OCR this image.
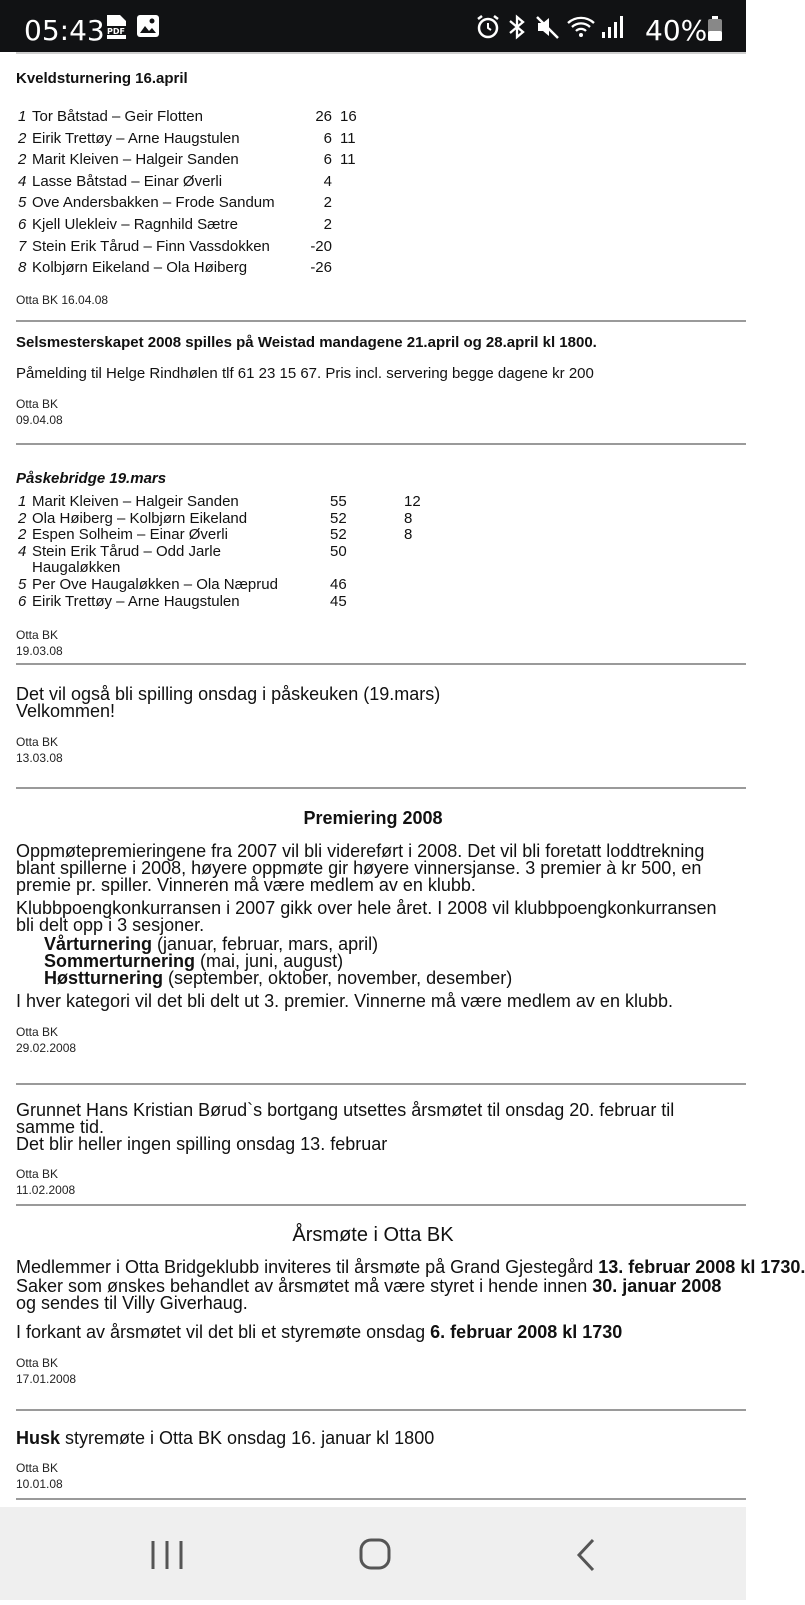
05:43 PDF	40%
Kveldsturnering 16.april
1	Tor Båtstad – Geir Flotten	26	16
2	Eirik Trettøy – Arne Haugstulen	6	11
2	Marit Kleiven – Halgeir Sanden	6	11
4	Lasse Båtstad – Einar Øverli	4	
5	Ove Andersbakken – Frode Sandum	2	
6	Kjell Ulekleiv – Ragnhild Sætre	2	
7	Stein Erik Tårud – Finn Vassdokken	-20	
8	Kolbjørn Eikeland – Ola Høiberg	-26	
Otta BK 16.04.08
Selsmesterskapet 2008 spilles på Weistad mandagene 21.april og 28.april kl 1800.
Påmelding til Helge Rindhølen tlf 61 23 15 67. Pris incl. servering begge dagene kr 200
Otta BK
09.04.08
Påskebridge 19.mars
1	Marit Kleiven – Halgeir Sanden	55	12
2	Ola Høiberg – Kolbjørn Eikeland	52	8
2	Espen Solheim – Einar Øverli	52	8
4	Stein Erik Tårud – Odd Jarle Haugaløkken	50	
5	Per Ove Haugaløkken – Ola Næprud	46	
6	Eirik Trettøy – Arne Haugstulen	45	
Otta BK
19.03.08
Det vil også bli spilling onsdag i påskeuken (19.mars)
Velkommen!
Otta BK
13.03.08
Premiering 2008
Oppmøtepremieringene fra 2007 vil bli videreført i 2008. Det vil bli foretatt loddtrekning blant spillerne i 2008, høyere oppmøte gir høyere vinnersjanse. 3 premier à kr 500, en premie pr. spiller. Vinneren må være medlem av en klubb.
Klubbpoengkonkurransen i 2007 gikk over hele året. I 2008 vil klubbpoengkonkurransen bli delt opp i 3 sesjoner.
Vårturnering (januar, februar, mars, april)
Sommerturnering (mai, juni, august)
Høstturnering (september, oktober, november, desember)
I hver kategori vil det bli delt ut 3. premier. Vinnerne må være medlem av en klubb.
Otta BK
29.02.2008
Grunnet Hans Kristian Børud`s bortgang utsettes årsmøtet til onsdag 20. februar til samme tid.
Det blir heller ingen spilling onsdag 13. februar
Otta BK
11.02.2008
Årsmøte i Otta BK
Medlemmer i Otta Bridgeklubb inviteres til årsmøte på Grand Gjestegård 13. februar 2008 kl 1730.
Saker som ønskes behandlet av årsmøtet må være styret i hende innen 30. januar 2008 og sendes til Villy Giverhaug.
I forkant av årsmøtet vil det bli et styremøte onsdag 6. februar 2008 kl 1730
Otta BK
17.01.2008
Husk styremøte i Otta BK onsdag 16. januar kl 1800
Otta BK
10.01.08
